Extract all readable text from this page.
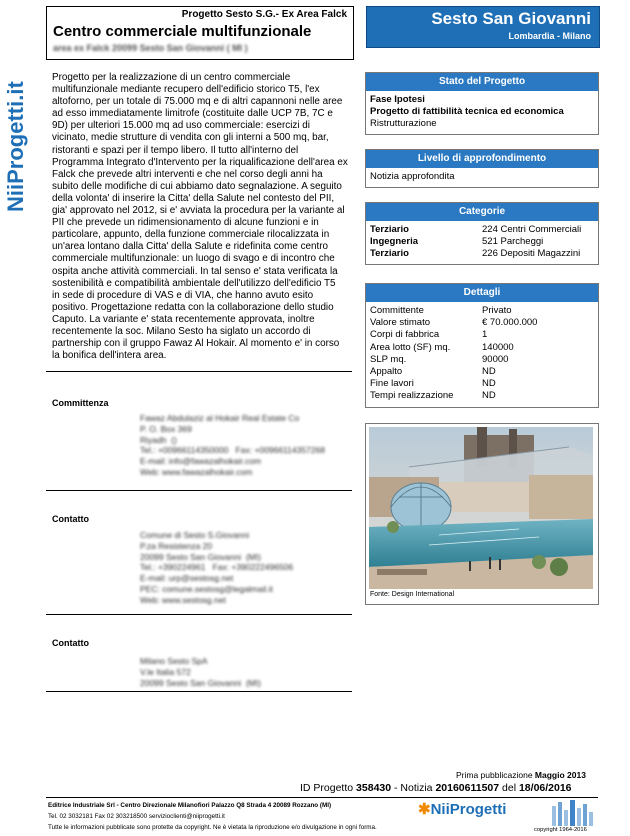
NiiProgetti.it
Progetto Sesto S.G.- Ex Area Falck
Centro commerciale multifunzionale
area ex Falck 20099 Sesto San Giovanni ( MI )
Sesto San Giovanni
Lombardia - Milano
Progetto per la realizzazione di un centro commerciale
multifunzionale mediante recupero dell'edificio storico T5, l'ex
altoforno, per un totale di 75.000 mq e di altri capannoni nelle aree
ad esso immediatamente limitrofe (costituite dalle UCP 7B, 7C e
9D) per ulteriori 15.000 mq ad uso commerciale: esercizi di
vicinato, medie strutture di vendita con gli interni a 500 mq, bar,
ristoranti e spazi per il tempo libero. Il tutto all'interno del
Programma Integrato d'Intervento per la riqualificazione dell'area ex
Falck che prevede altri interventi e che nel corso degli anni ha
subito delle modifiche di cui abbiamo dato segnalazione. A seguito
della volonta' di inserire la Citta' della Salute nel contesto del PII,
gia' approvato nel 2012, si e' avviata la procedura per la variante al
PII che prevede un ridimensionamento di alcune funzioni e in
particolare, appunto, della funzione commerciale rilocalizzata in
un'area lontano dalla Citta' della Salute e ridefinita come centro
commerciale multifunzionale: un luogo di svago e di incontro che
ospita anche attività commerciali. In tal senso e' stata verificata la
sostenibilità e compatibilità ambientale dell'utilizzo dell'edificio T5
in sede di procedure di VAS e di VIA, che hanno avuto esito
positivo. Progettazione redatta con la collaborazione dello studio
Caputo. La variante e' stata recentemente approvata, inoltre
recentemente la soc. Milano Sesto ha siglato un accordo di
partnership con il gruppo Fawaz Al Hokair. Al momento e' in corso
la bonifica dell'intera area.
Committenza
Fawaz Abdulaziz al Hokair Real Estate Co
P. O. Box 369
Riyadh  ()
Tel.: +00966114350000   Fax: +00966114357268
E-mail: info@fawazalhokair.com
Web: www.fawazalhokair.com
Contatto
Comune di Sesto S.Giovanni
P.za Resistenza 20
20099 Sesto San Giovanni  (MI)
Tel.: +390224961   Fax: +390222496506
E-mail: urp@sestosg.net
PEC: comune.sestosg@legalmail.it
Web: www.sestosg.net
Contatto
Milano Sesto SpA
V.le Italia 572
20099 Sesto San Giovanni  (MI)
Stato del Progetto
Fase Ipotesi
Progetto di fattibilità tecnica ed economica
Ristrutturazione
Livello di approfondimento
Notizia approfondita
Categorie
Terziario	224 Centri Commerciali
Ingegneria	521 Parcheggi
Terziario	226 Depositi Magazzini
Dettagli
Committente	Privato
Valore stimato	€ 70.000.000
Corpi di fabbrica	1
Area lotto (SF) mq.	140000
SLP mq.	90000
Appalto	ND
Fine lavori	ND
Tempi realizzazione	ND
Fonte: Design International
Prima pubblicazione Maggio 2013
ID Progetto 358430 - Notizia 20160611507 del 18/06/2016
Editrice Industriale Srl - Centro Direzionale Milanofiori Palazzo Q8 Strada 4 20089 Rozzano (MI)
Tel. 02 3032181 Fax 02 303218500 servizioclienti@niiprogetti.it
Tutte le informazioni pubblicate sono protette da copyright. Ne è vietata la riproduzione e/o divulgazione in ogni forma.
✱NiiProgetti
copyright 1964-2016
